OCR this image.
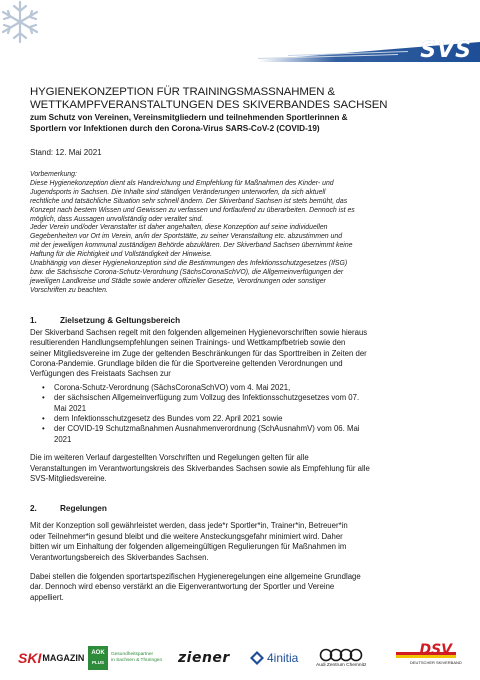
SVS
HYGIENEKONZEPTION FÜR TRAININGSMASSNAHMEN &
WETTKAMPFVERANSTALTUNGEN DES SKIVERBANDES SACHSEN
zum Schutz von Vereinen, Vereinsmitgliedern und teilnehmenden Sportlerinnen &
Sportlern vor Infektionen durch den Corona-Virus SARS-CoV-2 (COVID-19)
Stand: 12. Mai 2021

Vorbemerkung:

Diese Hygienekonzeption dient als Handreichung und Empfehlung für Maßnahmen des Kinder- und

Jugendsports in Sachsen. Die Inhalte sind ständigen Veränderungen unterworfen, da sich aktuell

rechtliche und tatsächliche Situation sehr schnell ändern. Der Skiverband Sachsen ist stets bemüht, das

Konzept nach bestem Wissen und Gewissen zu verfassen und fortlaufend zu überarbeiten. Dennoch ist es

möglich, dass Aussagen unvollständig oder veraltet sind.

Jeder Verein und/oder Veranstalter ist daher angehalten, diese Konzeption auf seine individuellen

Gegebenheiten vor Ort im Verein, an/in der Sportstätte, zu seiner Veranstaltung etc. abzustimmen und

mit der jeweiligen kommunal zuständigen Behörde abzuklären. Der Skiverband Sachsen übernimmt keine

Haftung für die Richtigkeit und Vollständigkeit der Hinweise.

Unabhängig von dieser Hygienekonzeption sind die Bestimmungen des Infektionsschutzgesetzes (IfSG)

bzw. die Sächsische Corona-Schutz-Verordnung (SächsCoronaSchVO), die Allgemeinverfügungen der

jeweiligen Landkreise und Städte sowie anderer offizieller Gesetze, Verordnungen oder sonstiger

Vorschriften zu beachten.

1.	Zielsetzung & Geltungsbereich

Der Skiverband Sachsen regelt mit den folgenden allgemeinen Hygienevorschriften sowie hieraus

resultierenden Handlungsempfehlungen seinen Trainings- und Wettkampfbetrieb sowie den

seiner Mitgliedsvereine im Zuge der geltenden Beschränkungen für das Sporttreiben in Zeiten der

Corona-Pandemie. Grundlage bilden die für die Sportvereine geltenden Verordnungen und

Verfügungen des Freistaats Sachsen zur

• Corona-Schutz-Verordnung (SächsCoronaSchVO) vom 4. Mai 2021,
• der sächsischen Allgemeinverfügung zum Vollzug des Infektionsschutzgesetzes vom 07.
Mai 2021
• dem Infektionsschutzgesetz des Bundes vom 22. April 2021 sowie
• der COVID-19 Schutzmaßnahmen Ausnahmenverordnung (SchAusnahmV) vom 06. Mai
2021

Die im weiteren Verlauf dargestellten Vorschriften und Regelungen gelten für alle

Veranstaltungen im Verantwortungskreis des Skiverbandes Sachsen sowie als Empfehlung für alle

SVS-Mitgliedsvereine.

2.	Regelungen

Mit der Konzeption soll gewährleistet werden, dass jede*r Sportler*in, Trainer*in, Betreuer*in

oder Teilnehmer*in gesund bleibt und die weitere Ansteckungsgefahr minimiert wird. Daher

bitten wir um Einhaltung der folgenden allgemeingültigen Regulierungen für Maßnahmen im

Verantwortungsbereich des Skiverbandes Sachsen.

Dabei stellen die folgenden sportartspezifischen Hygieneregelungen eine allgemeine Grundlage

dar. Dennoch wird ebenso verstärkt an die Eigenverantwortung der Sportler und Vereine

appelliert.

SKI MAGAZIN	AOK
PLUS
Gesundheitspartner
in Sachsen & Thüringen ziener	4initia
Audi Zentrum Chemnitz
DSV
DEUTSCHER SKIVERBAND
